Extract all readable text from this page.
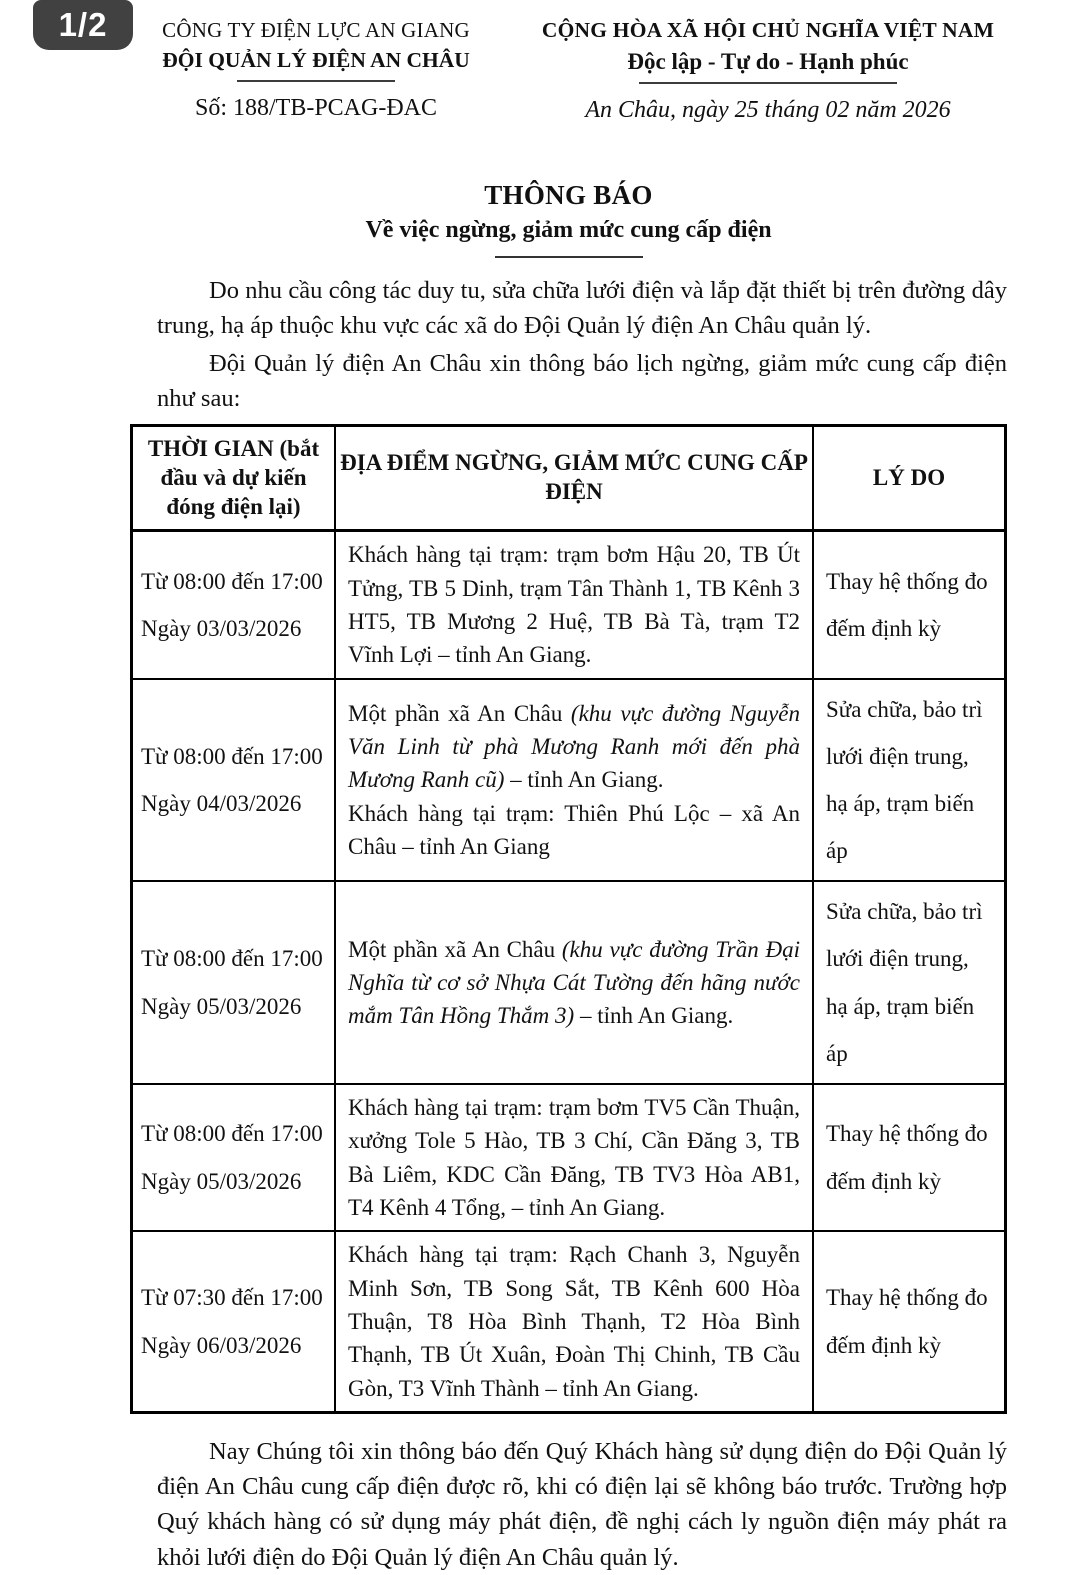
1/2	CÔNG TY ĐIỆN LỰC AN GIANG
ĐỘI QUẢN LÝ ĐIỆN AN CHÂU
Số: 188/TB-PCAG-ĐAC
CỘNG HÒA XÃ HỘI CHỦ NGHĨA VIỆT NAM
Độc lập - Tự do - Hạnh phúc
An Châu, ngày 25 tháng 02 năm 2026
THÔNG BÁO
Về việc ngừng, giảm mức cung cấp điện

Do nhu cầu công tác duy tu, sửa chữa lưới điện và lắp đặt thiết bị trên đường dây trung, hạ áp thuộc khu vực các xã do Đội Quản lý điện An Châu quản lý.

Đội Quản lý điện An Châu xin thông báo lịch ngừng, giảm mức cung cấp điện như sau:

THỜI GIAN (bắt đầu và dự kiến đóng điện lại)
ĐỊA ĐIỂM NGỪNG, GIẢM MỨC CUNG CẤP ĐIỆN
LÝ DO
Từ 08:00 đến 17:00
Ngày 03/03/2026
Khách hàng tại trạm: trạm bơm Hậu 20, TB Út Tửng, TB 5 Dinh, trạm Tân Thành 1, TB Kênh 3 HT5, TB Mương 2 Huệ, TB Bà Tà, trạm T2 Vĩnh Lợi – tỉnh An Giang.
Thay hệ thống đo đếm định kỳ
Từ 08:00 đến 17:00
Ngày 04/03/2026
Một phần xã An Châu (khu vực đường Nguyễn Văn Linh từ phà Mương Ranh mới đến phà Mương Ranh cũ) – tỉnh An Giang.
Khách hàng tại trạm: Thiên Phú Lộc – xã An Châu – tỉnh An Giang
Sửa chữa, bảo trì lưới điện trung, hạ áp, trạm biến áp
Từ 08:00 đến 17:00
Ngày 05/03/2026
Một phần xã An Châu (khu vực đường Trần Đại Nghĩa từ cơ sở Nhựa Cát Tường đến hãng nước mắm Tân Hồng Thắm 3) – tỉnh An Giang.
Sửa chữa, bảo trì lưới điện trung, hạ áp, trạm biến áp
Từ 08:00 đến 17:00
Ngày 05/03/2026
Khách hàng tại trạm: trạm bơm TV5 Cần Thuận, xưởng Tole 5 Hào, TB 3 Chí, Cần Đăng 3, TB Bà Liêm, KDC Cần Đăng, TB TV3 Hòa AB1, T4 Kênh 4 Tổng, – tỉnh An Giang.
Thay hệ thống đo đếm định kỳ
Từ 07:30 đến 17:00
Ngày 06/03/2026
Khách hàng tại trạm: Rạch Chanh 3, Nguyễn Minh Sơn, TB Song Sắt, TB Kênh 600 Hòa Thuận, T8 Hòa Bình Thạnh, T2 Hòa Bình Thạnh, TB Út Xuân, Đoàn Thị Chinh, TB Cầu Gòn, T3 Vĩnh Thành – tỉnh An Giang.
Thay hệ thống đo đếm định kỳ

Nay Chúng tôi xin thông báo đến Quý Khách hàng sử dụng điện do Đội Quản lý điện An Châu cung cấp điện được rõ, khi có điện lại sẽ không báo trước. Trường hợp Quý khách hàng có sử dụng máy phát điện, đề nghị cách ly nguồn điện máy phát ra khỏi lưới điện do Đội Quản lý điện An Châu quản lý.
